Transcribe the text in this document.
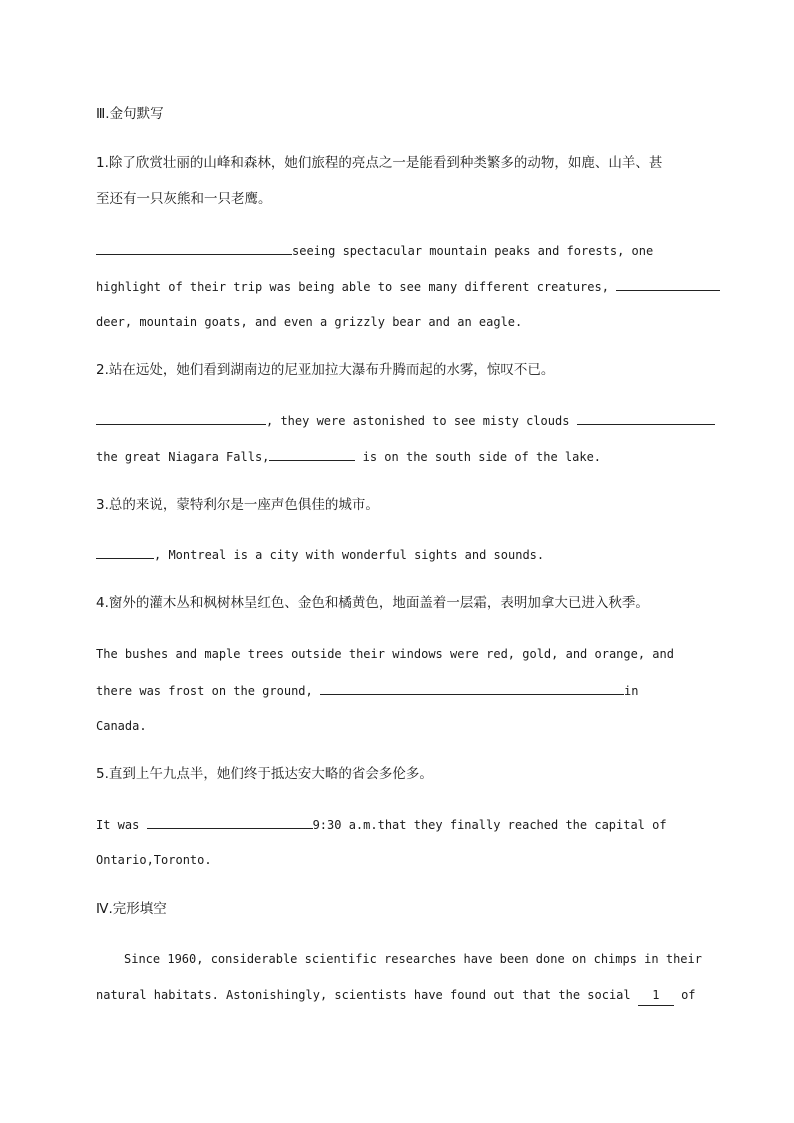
Ⅲ.金句默写
1.除了欣赏壮丽的山峰和森林，她们旅程的亮点之一是能看到种类繁多的动物，如鹿、山羊、甚
至还有一只灰熊和一只老鹰。
seeing spectacular mountain peaks and forests, one
highlight of their trip was being able to see many different creatures,
deer, mountain goats, and even a grizzly bear and an eagle.
2.站在远处，她们看到湖南边的尼亚加拉大瀑布升腾而起的水雾，惊叹不已。
, they were astonished to see misty clouds
the great Niagara Falls,	is on the south side of the lake.
3.总的来说，蒙特利尔是一座声色俱佳的城市。
, Montreal is a city with wonderful sights and sounds.
4.窗外的灌木丛和枫树林呈红色、金色和橘黄色，地面盖着一层霜，表明加拿大已进入秋季。
The bushes and maple trees outside their windows were red, gold, and orange, and
there was frost on the ground,	in
Canada.
5.直到上午九点半，她们终于抵达安大略的省会多伦多。
It was	9:30 a.m.that they finally reached the capital of
Ontario,Toronto.
Ⅳ.完形填空
Since 1960, considerable scientific researches have been done on chimps in their
natural habitats. Astonishingly, scientists have found out that the social 1 of
